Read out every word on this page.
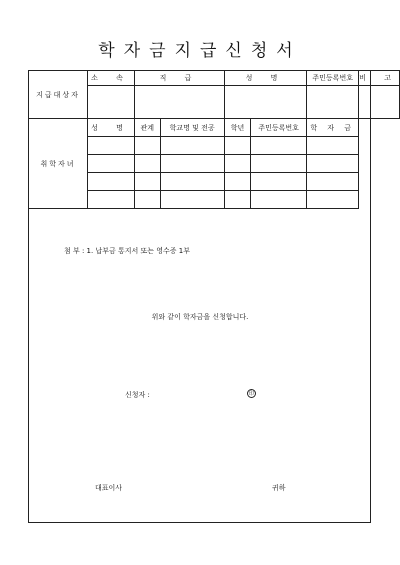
학자금지급신청서
지급대상자	소 속	직 급		성 명		주민등록번호	비 고

취학자녀	성 명	관계	학교명 및 전공	학년	주민등록번호	학 자 금	

첨 부 : 1. 납부금 통지서 또는 영수증 1부
위와 같이 학자금을 신청합니다.
신청자 :	印
대표이사	귀하
